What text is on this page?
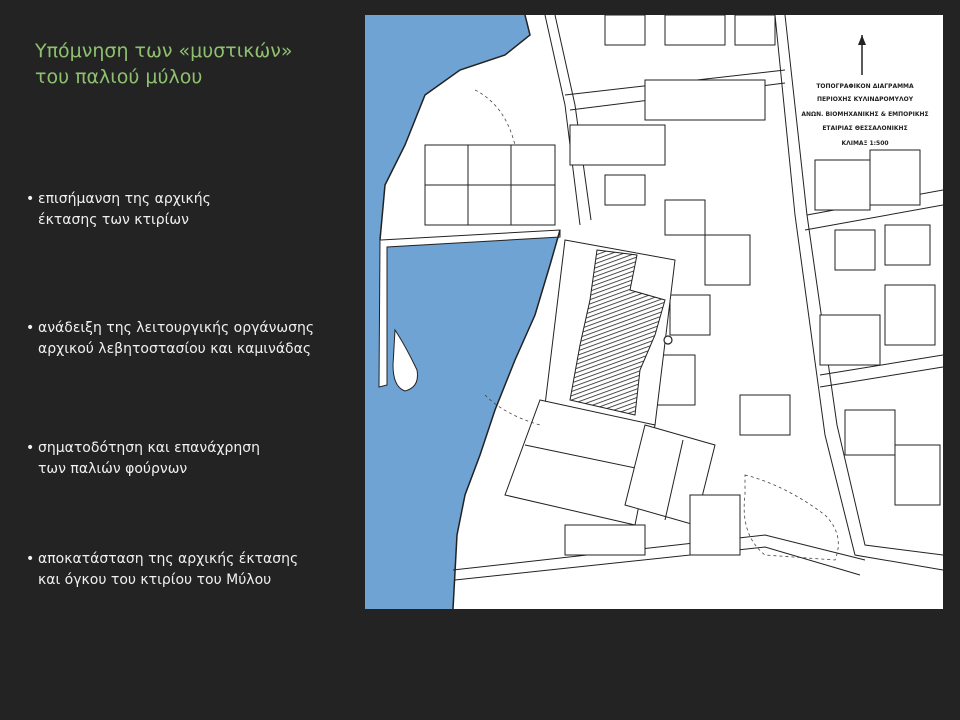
Υπόμνηση των «μυστικών»
του παλιού μύλου
• επισήμανση της αρχικής
έκτασης των κτιρίων
• ανάδειξη της λειτουργικής οργάνωσης
αρχικού λεβητοστασίου και καμινάδας
• σηματοδότηση και επανάχρηση
των παλιών φούρνων
• αποκατάσταση της αρχικής έκτασης
και όγκου του κτιρίου του Μύλου
ΤΟΠΟΓΡΑΦΙΚΟΝ ΔΙΑΓΡΑΜΜΑ
ΠΕΡΙΟΧΗΣ ΚΥΛΙΝΔΡΟΜΥΛΟΥ
ΑΝΩΝ. ΒΙΟΜΗΧΑΝΙΚΗΣ & ΕΜΠΟΡΙΚΗΣ
ΕΤΑΙΡΙΑΣ ΘΕΣΣΑΛΟΝΙΚΗΣ
ΚΛΙΜΑΞ 1:500
